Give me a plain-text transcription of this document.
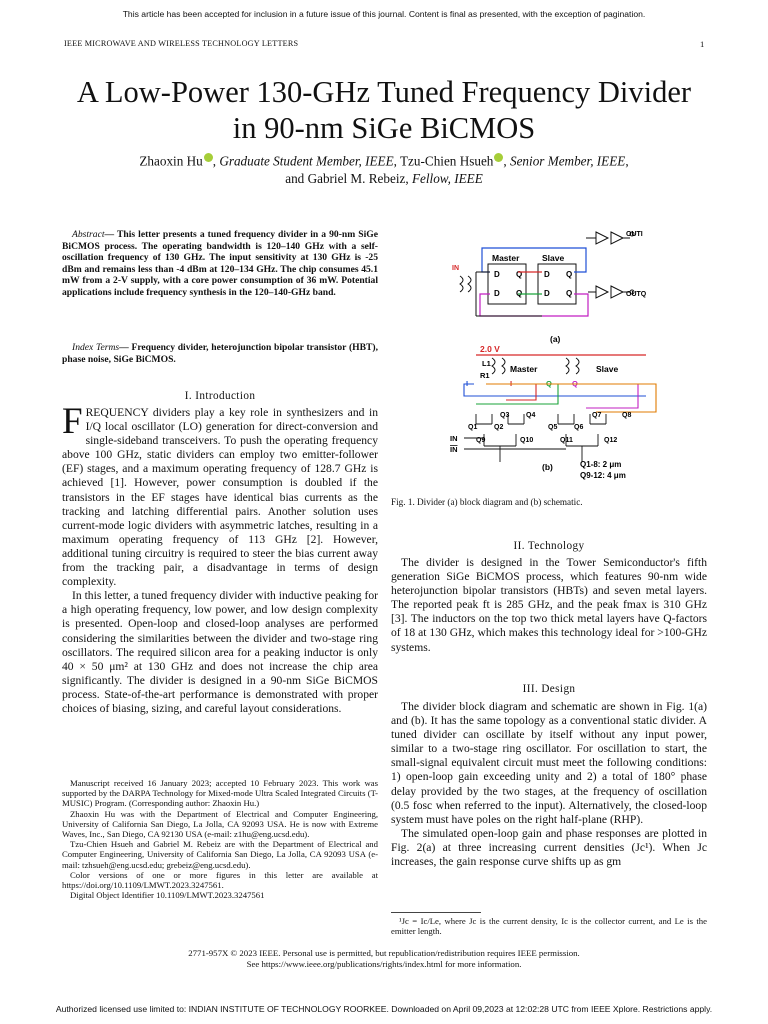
This article has been accepted for inclusion in a future issue of this journal. Content is final as presented, with the exception of pagination.
IEEE MICROWAVE AND WIRELESS TECHNOLOGY LETTERS	1
A Low-Power 130-GHz Tuned Frequency Divider
in 90-nm SiGe BiCMOS
Zhaoxin Hu , Graduate Student Member, IEEE, Tzu-Chien Hsueh , Senior Member, IEEE,
and Gabriel M. Rebeiz, Fellow, IEEE
Abstract— This letter presents a tuned frequency divider in a 90-nm SiGe BiCMOS process. The operating bandwidth is 120–140 GHz with a self-oscillation frequency of 130 GHz. The input sensitivity at 130 GHz is -25 dBm and remains less than -4 dBm at 120–134 GHz. The chip consumes 45.1 mW from a 2-V supply, with a core power consumption of 36 mW. Potential applications include frequency synthesis in the 120–140-GHz band.
Index Terms— Frequency divider, heterojunction bipolar transistor (HBT), phase noise, SiGe BiCMOS.
I. Introduction

FREQUENCY dividers play a key role in synthesizers and in I/Q local oscillator (LO) generation for direct-conversion and single-sideband transceivers. To push the operating frequency above 100 GHz, static dividers can employ two emitter-follower (EF) stages, and a maximum operating frequency of 128.7 GHz is achieved [1]. However, power consumption is doubled if the transistors in the EF stages have identical bias currents as the tracking and latching differential pairs. Another solution uses current-mode logic dividers with asymmetric latches, resulting in a maximum operating frequency of 113 GHz [2]. However, additional tuning circuitry is required to steer the bias current away from the tracking pair, a disadvantage in terms of design complexity.

In this letter, a tuned frequency divider with inductive peaking for a high operating frequency, low power, and low design complexity is presented. Open-loop and closed-loop analyses are performed considering the similarities between the divider and two-stage ring oscillators. The required silicon area for a peaking inductor is only 40 × 50 μm² at 130 GHz and does not increase the chip area significantly. The divider is designed in a 90-nm SiGe BiCMOS process. State-of-the-art performance is demonstrated with proper choices of biasing, sizing, and careful layout considerations.

Manuscript received 16 January 2023; accepted 10 February 2023. This work was supported by the DARPA Technology for Mixed-mode Ultra Scaled Integrated Circuits (T-MUSIC) Program. (Corresponding author: Zhaoxin Hu.)

Zhaoxin Hu was with the Department of Electrical and Computer Engineering, University of California San Diego, La Jolla, CA 92093 USA. He is now with Extreme Waves, Inc., San Diego, CA 92130 USA (e-mail: z1hu@eng.ucsd.edu).

Tzu-Chien Hsueh and Gabriel M. Rebeiz are with the Department of Electrical and Computer Engineering, University of California San Diego, La Jolla, CA 92093 USA (e-mail: tzhsueh@eng.ucsd.edu; grebeiz@eng.ucsd.edu).

Color versions of one or more figures in this letter are available at https://doi.org/10.1109/LMWT.2023.3247561.

Digital Object Identifier 10.1109/LMWT.2023.3247561

D Q
D Q
D Q
D Q
Master	Slave
OUTI
OUTQ
IN
(a)
2.0 V
L1
R1
Master	Slave
I	I	Q	Q
Q1 Q2
Q3 Q4
Q5 Q6
Q7	Q8
Q9	Q10	Q11	Q12
IN
IN
(b)	Q1-8: 2 μm
Q9-12: 4 μm
Fig. 1. Divider (a) block diagram and (b) schematic.
II. Technology

The divider is designed in the Tower Semiconductor's fifth generation SiGe BiCMOS process, which features 90-nm wide heterojunction bipolar transistors (HBTs) and seven metal layers. The reported peak ft is 285 GHz, and the peak fmax is 310 GHz [3]. The inductors on the top two thick metal layers have Q-factors of 18 at 130 GHz, which makes this technology ideal for >100-GHz systems.

III. Design

The divider block diagram and schematic are shown in Fig. 1(a) and (b). It has the same topology as a conventional static divider. A tuned divider can oscillate by itself without any input power, similar to a two-stage ring oscillator. For oscillation to start, the small-signal equivalent circuit must meet the following conditions: 1) open-loop gain exceeding unity and 2) a total of 180° phase delay provided by the two stages, at the frequency of oscillation (0.5 fosc when referred to the input). Alternatively, the closed-loop system must have poles on the right half-plane (RHP).

The simulated open-loop gain and phase responses are plotted in Fig. 2(a) at three increasing current densities (Jc¹). When Jc increases, the gain response curve shifts up as gm

¹Jc = Ic/Le, where Jc is the current density, Ic is the collector current, and Le is the emitter length.

2771-957X © 2023 IEEE. Personal use is permitted, but republication/redistribution requires IEEE permission.
See https://www.ieee.org/publications/rights/index.html for more information.
Authorized licensed use limited to: INDIAN INSTITUTE OF TECHNOLOGY ROORKEE. Downloaded on April 09,2023 at 12:02:28 UTC from IEEE Xplore. Restrictions apply.
